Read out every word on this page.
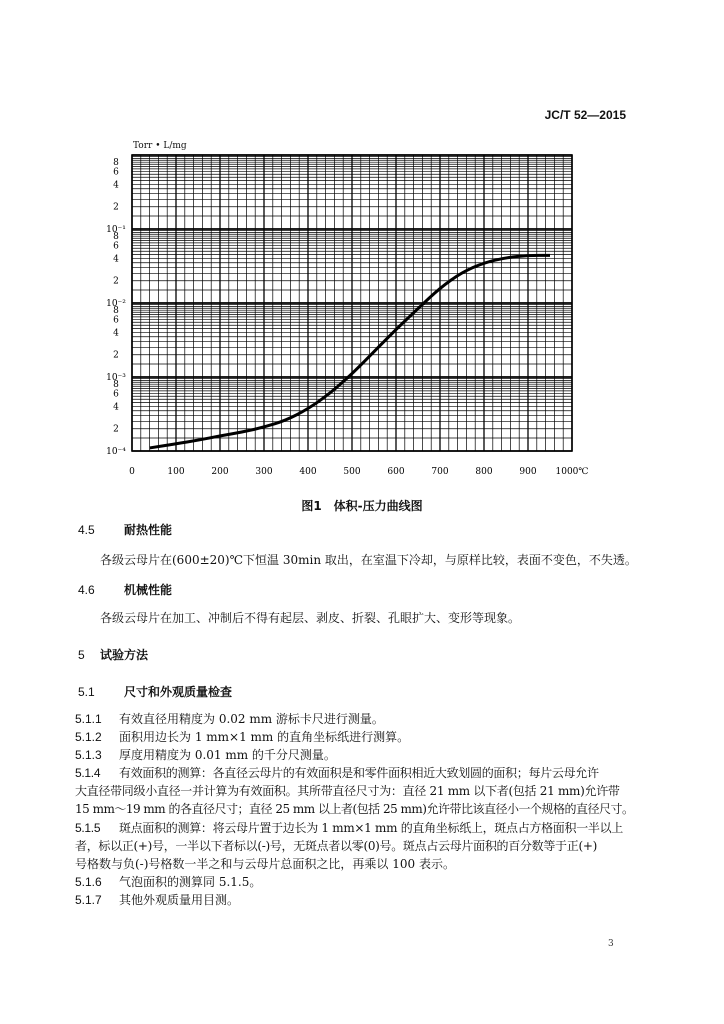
JC/T 52—2015
Torr • L/mg
8
6
4
2
10⁻¹
8
6
4
2
10⁻²
8
6
4
2
10⁻³
8
6
4
2
10⁻⁴
0	100	200	300	400	500	600	700	800	900 1000℃
图1　体积-压力曲线图
4.5 耐热性能
各级云母片在(600±20)℃下恒温 30min 取出，在室温下冷却，与原样比较，表面不变色，不失透。
4.6 机械性能
各级云母片在加工、冲制后不得有起层、剥皮、折裂、孔眼扩大、变形等现象。
5 试验方法
5.1 尺寸和外观质量检查
5.1.1 有效直径用精度为 0.02 mm 游标卡尺进行测量。
5.1.2 面积用边长为 1 mm×1 mm 的直角坐标纸进行测算。
5.1.3 厚度用精度为 0.01 mm 的千分尺测量。
5.1.4 有效面积的测算：各直径云母片的有效面积是和零件面积相近大致划圆的面积；每片云母允许
大直径带同级小直径一并计算为有效面积。其所带直径尺寸为：直径 21 mm 以下者(包括 21 mm)允许带
15 mm～19 mm 的各直径尺寸；直径 25 mm 以上者(包括 25 mm)允许带比该直径小一个规格的直径尺寸。
5.1.5 斑点面积的测算：将云母片置于边长为 1 mm×1 mm 的直角坐标纸上，斑点占方格面积一半以上
者，标以正(+)号，一半以下者标以(-)号，无斑点者以零(0)号。斑点占云母片面积的百分数等于正(+)
号格数与负(-)号格数一半之和与云母片总面积之比，再乘以 100 表示。
5.1.6 气泡面积的测算同 5.1.5。
5.1.7 其他外观质量用目测。
3
